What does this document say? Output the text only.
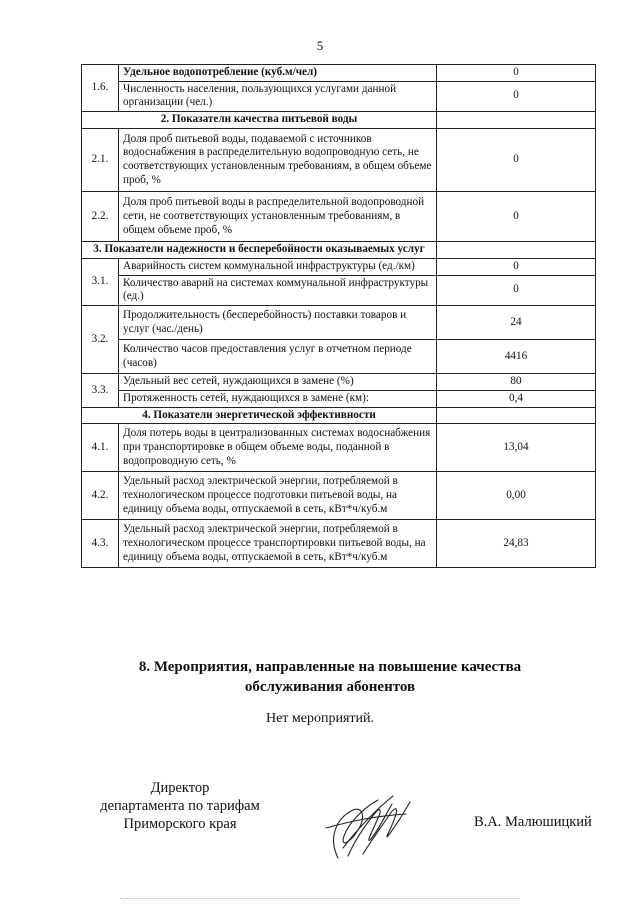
5
1.6.	Удельное водопотребление (куб.м/чел)	0
	Численность населения, пользующихся услугами данной организации (чел.)	0
2. Показатели качества питьевой воды		
2.1.	Доля проб питьевой воды, подаваемой с источников водоснабжения в распределительную водопроводную сеть, не соответствующих установленным требованиям, в общем объеме проб, %	0
2.2.	Доля проб питьевой воды в распределительной водопроводной сети, не соответствующих установленным требованиям, в общем объеме проб, %	0
3. Показатели надежности и бесперебойности оказываемых услуг		
3.1.	Аварийность систем коммунальной инфраструктуры (ед./км)	0
	Количество аварий на системах коммунальной инфраструктуры (ед.)	0
3.2.	Продолжительность (бесперебойность) поставки товаров и услуг (час./день)	24
	Количество часов предоставления услуг в отчетном периоде (часов)	4416
3.3.	Удельный вес сетей, нуждающихся в замене (%)	80
	Протяженность сетей, нуждающихся в замене (км):	0,4
4. Показатели энергетической эффективности		
4.1.	Доля потерь воды в централизованных системах водоснабжения при транспортировке в общем объеме воды, поданной в водопроводную сеть, %	13,04
4.2.	Удельный расход электрической энергии, потребляемой в технологическом процессе подготовки питьевой воды, на единицу объема воды, отпускаемой в сеть, кВт*ч/куб.м	0,00
4.3.	Удельный расход электрической энергии, потребляемой в технологическом процессе транспортировки питьевой воды, на единицу объема воды, отпускаемой в сеть, кВт*ч/куб.м	24,83
8. Мероприятия, направленные на повышение качества обслуживания абонентов
Нет мероприятий.
Директор
департамента по тарифам
Приморского края	В.А. Малюшицкий
